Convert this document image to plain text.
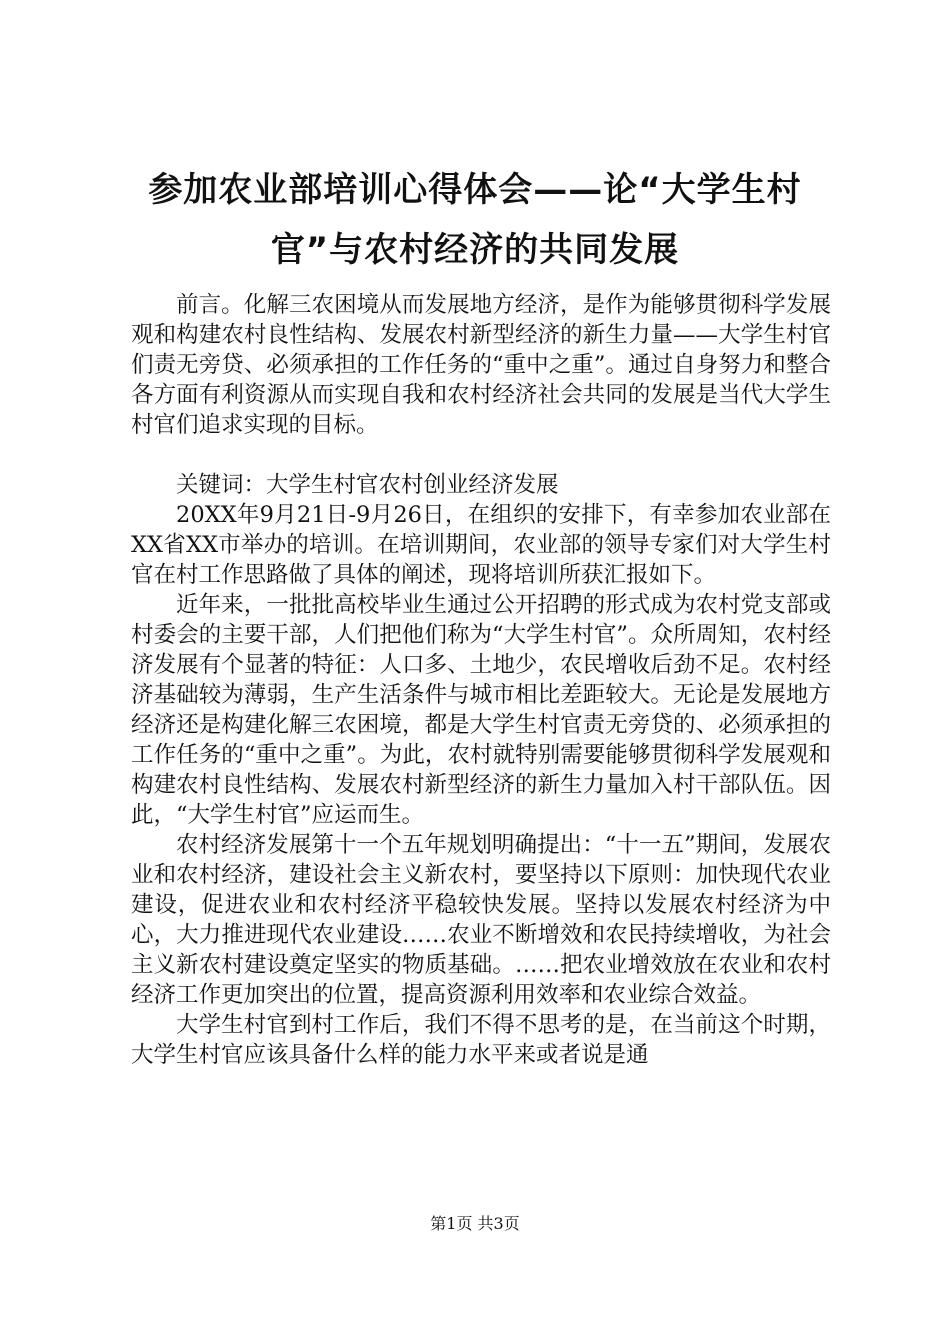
参加农业部培训心得体会——论“大学生村
官”与农村经济的共同发展

前言。化解三农困境从而发展地方经济，是作为能够贯彻科学发展观和构建农村良性结构、发展农村新型经济的新生力量——大学生村官们责无旁贷、必须承担的工作任务的“重中之重”。通过自身努力和整合各方面有利资源从而实现自我和农村经济社会共同的发展是当代大学生村官们追求实现的目标。

关键词：大学生村官农村创业经济发展

20XX年9月21日-9月26日，在组织的安排下，有幸参加农业部在XX省XX市举办的培训。在培训期间，农业部的领导专家们对大学生村官在村工作思路做了具体的阐述，现将培训所获汇报如下。

近年来，一批批高校毕业生通过公开招聘的形式成为农村党支部或村委会的主要干部，人们把他们称为“大学生村官”。众所周知，农村经济发展有个显著的特征：人口多、土地少，农民增收后劲不足。农村经济基础较为薄弱，生产生活条件与城市相比差距较大。无论是发展地方经济还是构建化解三农困境，都是大学生村官责无旁贷的、必须承担的工作任务的“重中之重”。为此，农村就特别需要能够贯彻科学发展观和构建农村良性结构、发展农村新型经济的新生力量加入村干部队伍。因此，“大学生村官”应运而生。

农村经济发展第十一个五年规划明确提出：“十一五”期间，发展农业和农村经济，建设社会主义新农村，要坚持以下原则：加快现代农业建设，促进农业和农村经济平稳较快发展。坚持以发展农村经济为中心，大力推进现代农业建设……农业不断增效和农民持续增收，为社会主义新农村建设奠定坚实的物质基础。……把农业增效放在农业和农村经济工作更加突出的位置，提高资源利用效率和农业综合效益。

大学生村官到村工作后，我们不得不思考的是，在当前这个时期，大学生村官应该具备什么样的能力水平来或者说是通

第1页 共3页
